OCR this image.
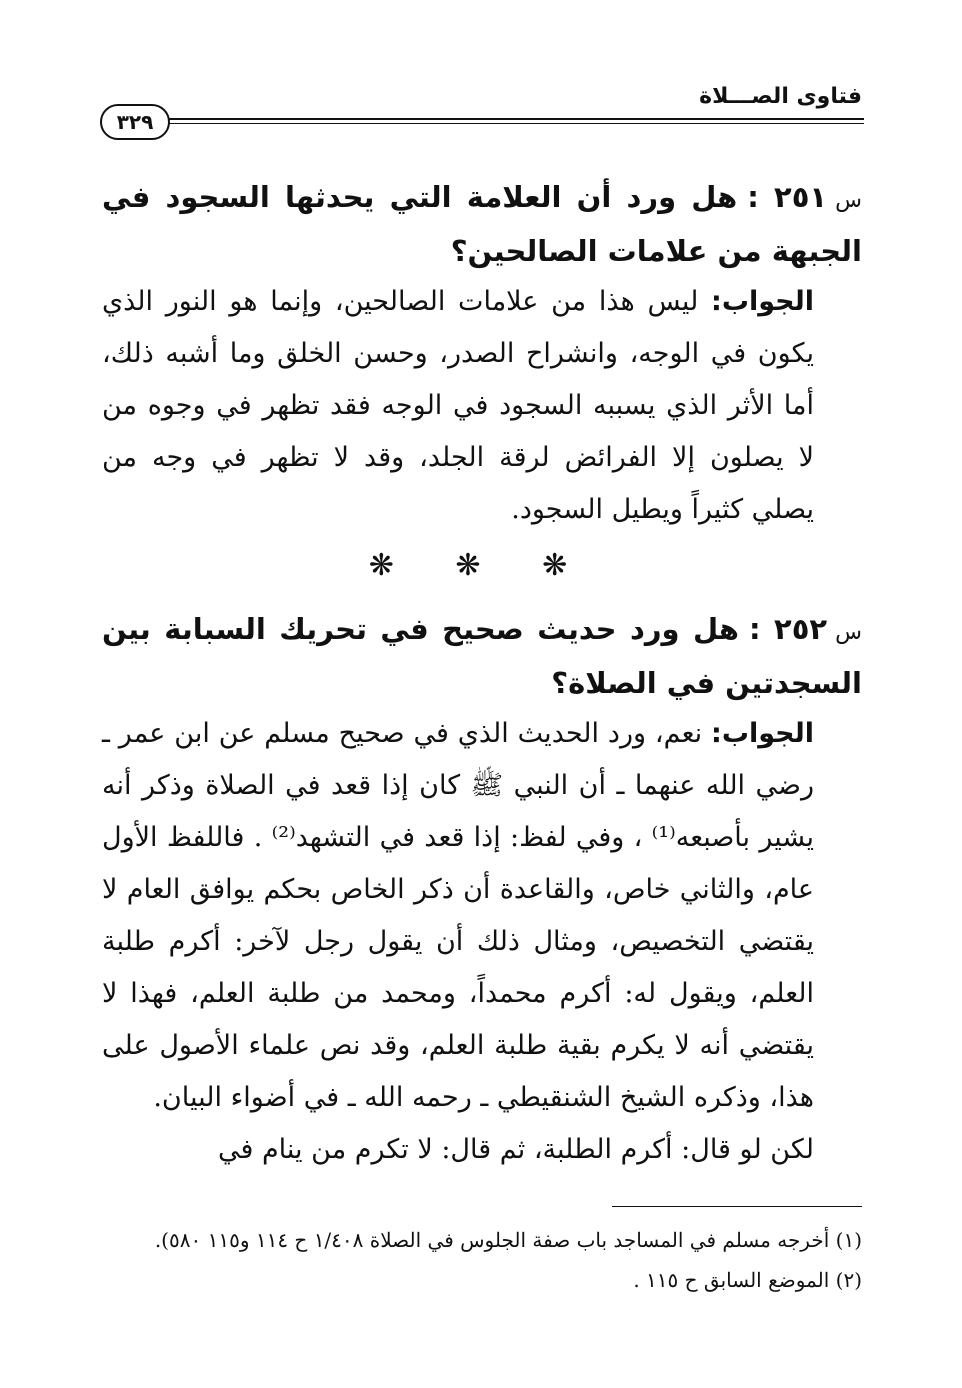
فتاوى الصـــلاة
٣٢٩
س٢٥١ :هل ورد أن العلامة التي يحدثها السجود في الجبهة من علامات الصالحين؟
الجواب: ليس هذا من علامات الصالحين، وإنما هو النور الذي يكون في الوجه، وانشراح الصدر، وحسن الخلق وما أشبه ذلك، أما الأثر الذي يسببه السجود في الوجه فقد تظهر في وجوه من لا يصلون إلا الفرائض لرقة الجلد، وقد لا تظهر في وجه من يصلي كثيراً ويطيل السجود.
❋ ❋ ❋
س٢٥٢ :هل ورد حديث صحيح في تحريك السبابة بين السجدتين في الصلاة؟
الجواب: نعم، ورد الحديث الذي في صحيح مسلم عن ابن عمر ـ رضي الله عنهما ـ أن النبي ﷺ كان إذا قعد في الصلاة وذكر أنه يشير بأصبعه⁽¹⁾ ، وفي لفظ: إذا قعد في التشهد⁽²⁾ . فاللفظ الأول عام، والثاني خاص، والقاعدة أن ذكر الخاص بحكم يوافق العام لا يقتضي التخصيص، ومثال ذلك أن يقول رجل لآخر: أكرم طلبة العلم، ويقول له: أكرم محمداً، ومحمد من طلبة العلم، فهذا لا يقتضي أنه لا يكرم بقية طلبة العلم، وقد نص علماء الأصول على هذا، وذكره الشيخ الشنقيطي ـ رحمه الله ـ في أضواء البيان.
لكن لو قال: أكرم الطلبة، ثم قال: لا تكرم من ينام في
(١) أخرجه مسلم في المساجد باب صفة الجلوس في الصلاة ١/٤٠٨ ح ١١٤ و١١٥ ٥٨٠).
(٢) الموضع السابق ح ١١٥ .
